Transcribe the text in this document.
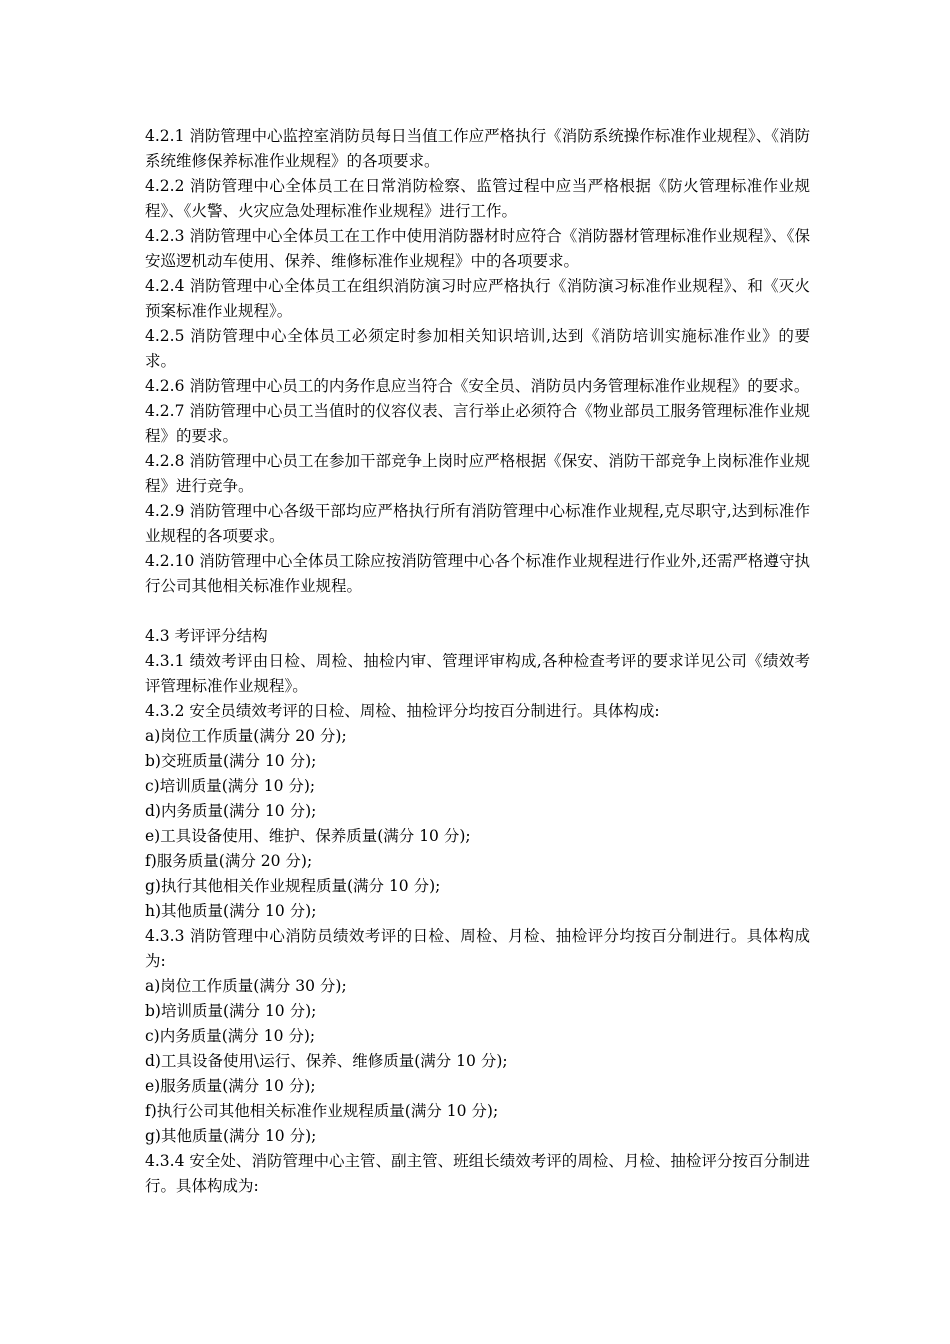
4.2.1 消防管理中心监控室消防员每日当值工作应严格执行《消防系统操作标准作业规程》、《消防系统维修保养标准作业规程》的各项要求。

4.2.2 消防管理中心全体员工在日常消防检察、监管过程中应当严格根据《防火管理标准作业规程》、《火警、火灾应急处理标准作业规程》进行工作。

4.2.3 消防管理中心全体员工在工作中使用消防器材时应符合《消防器材管理标准作业规程》、《保安巡逻机动车使用、保养、维修标准作业规程》中的各项要求。

4.2.4 消防管理中心全体员工在组织消防演习时应严格执行《消防演习标准作业规程》、和《灭火预案标准作业规程》。

4.2.5 消防管理中心全体员工必须定时参加相关知识培训,达到《消防培训实施标准作业》的要求。

4.2.6 消防管理中心员工的内务作息应当符合《安全员、消防员内务管理标准作业规程》的要求。

4.2.7 消防管理中心员工当值时的仪容仪表、言行举止必须符合《物业部员工服务管理标准作业规程》的要求。

4.2.8 消防管理中心员工在参加干部竞争上岗时应严格根据《保安、消防干部竞争上岗标准作业规程》进行竞争。

4.2.9 消防管理中心各级干部均应严格执行所有消防管理中心标准作业规程,克尽职守,达到标准作业规程的各项要求。

4.2.10 消防管理中心全体员工除应按消防管理中心各个标准作业规程进行作业外,还需严格遵守执行公司其他相关标准作业规程。

4.3 考评评分结构

4.3.1 绩效考评由日检、周检、抽检内审、管理评审构成,各种检查考评的要求详见公司《绩效考评管理标准作业规程》。

4.3.2 安全员绩效考评的日检、周检、抽检评分均按百分制进行。具体构成:

a)岗位工作质量(满分 20 分);

b)交班质量(满分 10 分);

c)培训质量(满分 10 分);

d)内务质量(满分 10 分);

e)工具设备使用、维护、保养质量(满分 10 分);

f)服务质量(满分 20 分);

g)执行其他相关作业规程质量(满分 10 分);

h)其他质量(满分 10 分);

4.3.3 消防管理中心消防员绩效考评的日检、周检、月检、抽检评分均按百分制进行。具体构成为:

a)岗位工作质量(满分 30 分);

b)培训质量(满分 10 分);

c)内务质量(满分 10 分);

d)工具设备使用\运行、保养、维修质量(满分 10 分);

e)服务质量(满分 10 分);

f)执行公司其他相关标准作业规程质量(满分 10 分);

g)其他质量(满分 10 分);

4.3.4 安全处、消防管理中心主管、副主管、班组长绩效考评的周检、月检、抽检评分按百分制进行。具体构成为:
